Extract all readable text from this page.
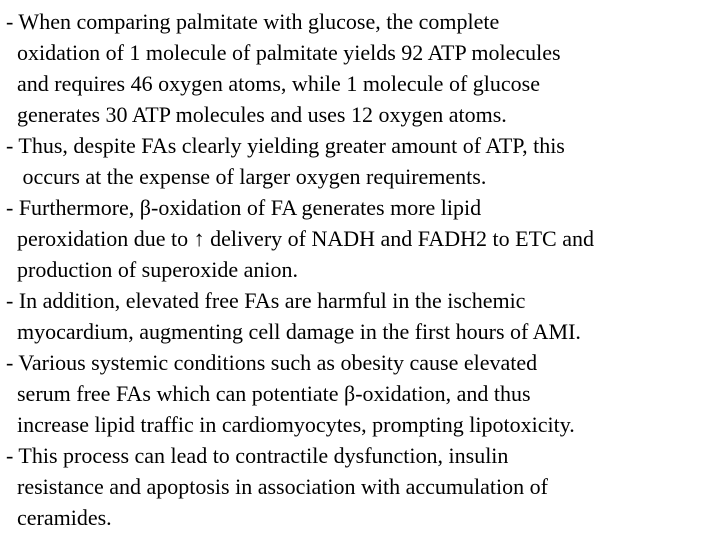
- When comparing palmitate with glucose, the complete
oxidation of 1 molecule of palmitate yields 92 ATP molecules
and requires 46 oxygen atoms, while 1 molecule of glucose
generates 30 ATP molecules and uses 12 oxygen atoms.
- Thus, despite FAs clearly yielding greater amount of ATP, this
occurs at the expense of larger oxygen requirements.
- Furthermore, β-oxidation of FA generates more lipid
peroxidation due to ↑ delivery of NADH and FADH2 to ETC and
production of superoxide anion.
- In addition, elevated free FAs are harmful in the ischemic
myocardium, augmenting cell damage in the first hours of AMI.
- Various systemic conditions such as obesity cause elevated
serum free FAs which can potentiate β-oxidation, and thus
increase lipid traffic in cardiomyocytes, prompting lipotoxicity.
- This process can lead to contractile dysfunction, insulin
resistance and apoptosis in association with accumulation of
ceramides.
